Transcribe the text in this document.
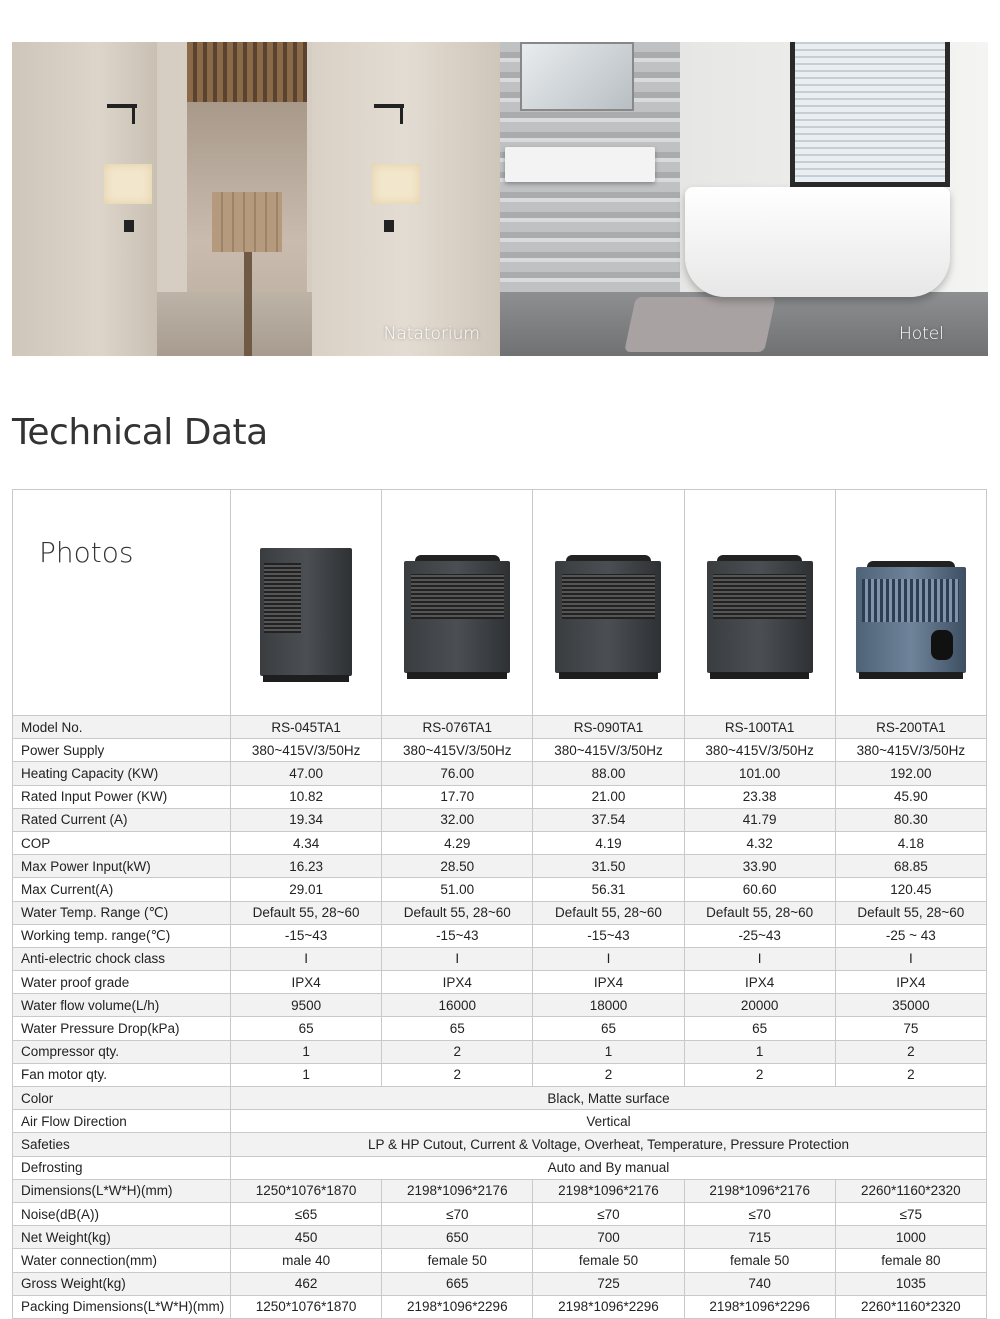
Natatorium	Hotel
Technical Data
Photos	

Model No.	RS-045TA1	RS-076TA1	RS-090TA1	RS-100TA1	RS-200TA1
Power Supply	380~415V/3/50Hz	380~415V/3/50Hz	380~415V/3/50Hz	380~415V/3/50Hz	380~415V/3/50Hz
Heating Capacity (KW)	47.00	76.00	88.00	101.00	192.00
Rated Input Power (KW)	10.82	17.70	21.00	23.38	45.90
Rated Current (A)	19.34	32.00	37.54	41.79	80.30
COP	4.34	4.29	4.19	4.32	4.18
Max Power Input(kW)	16.23	28.50	31.50	33.90	68.85
Max Current(A)	29.01	51.00	56.31	60.60	120.45
Water Temp. Range (℃)	Default 55, 28~60	Default 55, 28~60	Default 55, 28~60	Default 55, 28~60	Default 55, 28~60
Working temp. range(℃)	-15~43	-15~43	-15~43	-25~43	-25 ~ 43
Anti-electric chock class	I	I	I	I	I
Water proof grade	IPX4	IPX4	IPX4	IPX4	IPX4
Water flow volume(L/h)	9500	16000	18000	20000	35000
Water Pressure Drop(kPa)	65	65	65	65	75
Compressor qty.	1	2	1	1	2
Fan motor qty.	1	2	2	2	2
Color	Black, Matte surface				
Air Flow Direction	Vertical				
Safeties	LP & HP Cutout, Current & Voltage, Overheat, Temperature, Pressure Protection				
Defrosting	Auto and By manual				
Dimensions(L*W*H)(mm)	1250*1076*1870	2198*1096*2176	2198*1096*2176	2198*1096*2176	2260*1160*2320
Noise(dB(A))	≤65	≤70	≤70	≤70	≤75
Net Weight(kg)	450	650	700	715	1000
Water connection(mm)	male 40	female 50	female 50	female 50	female 80
Gross Weight(kg)	462	665	725	740	1035
Packing Dimensions(L*W*H)(mm)	1250*1076*1870	2198*1096*2296	2198*1096*2296	2198*1096*2296	2260*1160*2320
